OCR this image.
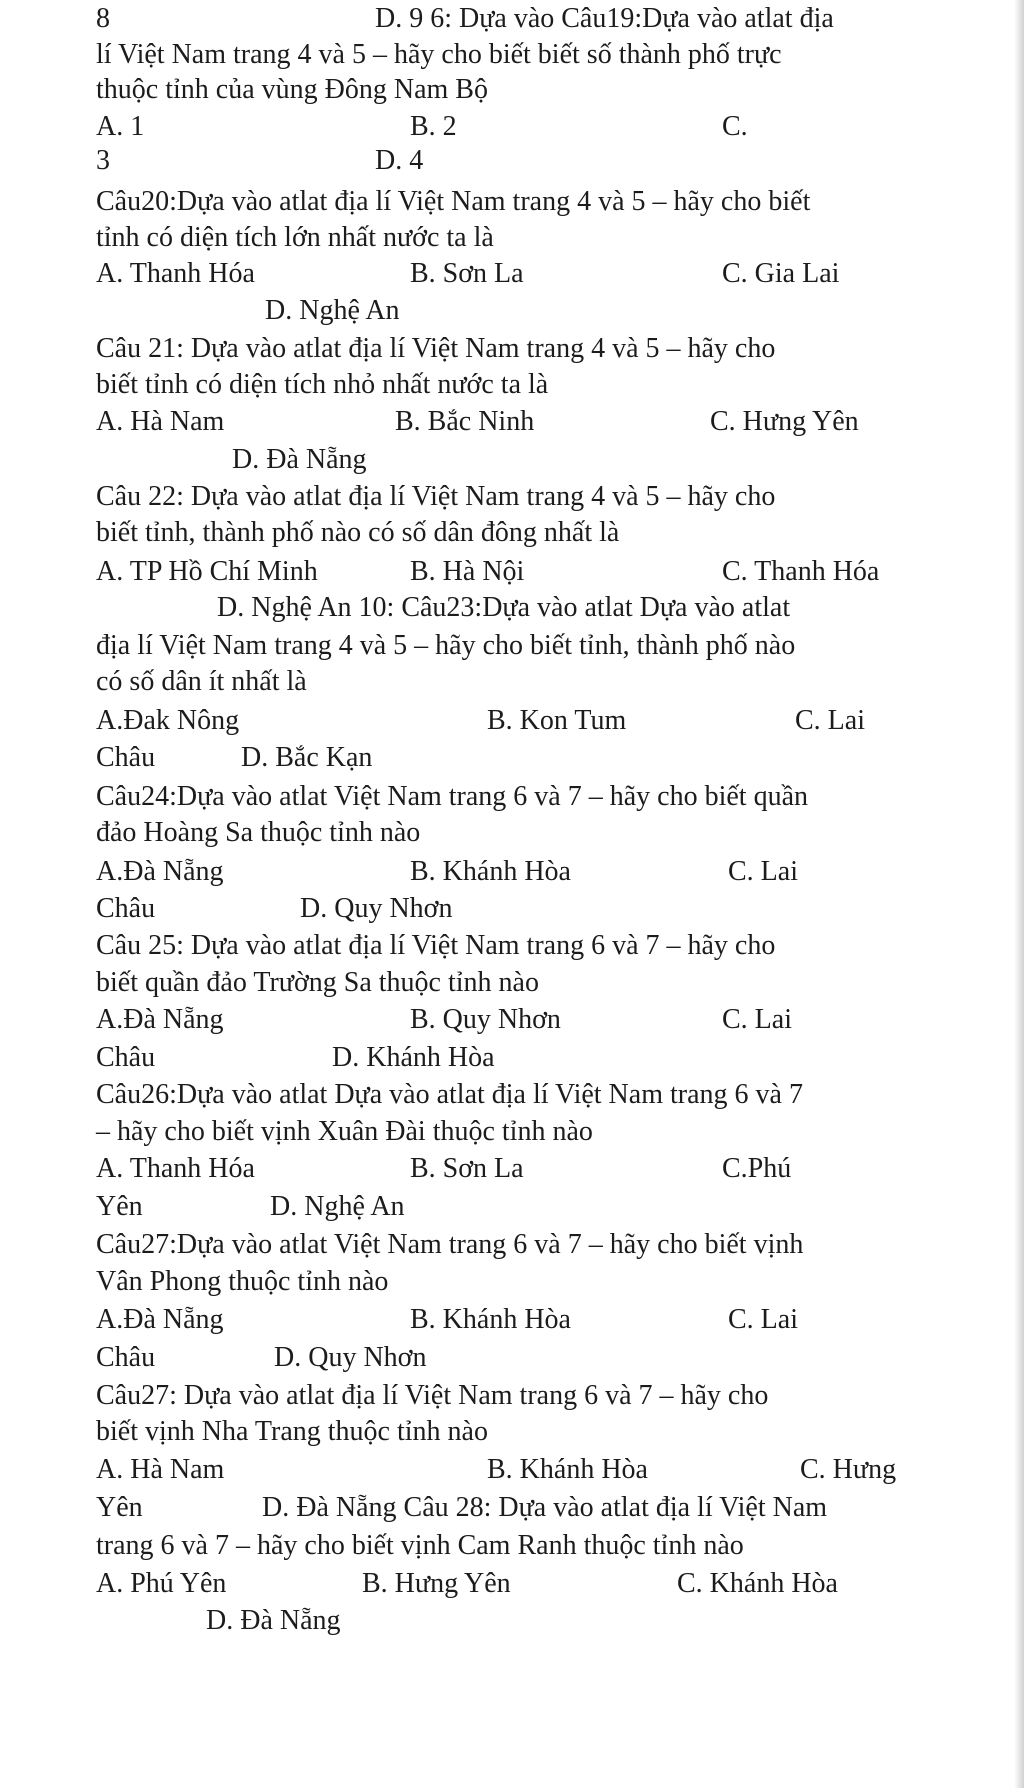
8	D. 9 6: Dựa vào Câu19:Dựa vào atlat địa
lí Việt Nam trang 4 và 5 – hãy cho biết biết số thành phố trực
thuộc tỉnh của vùng Đông Nam Bộ
A. 1	B. 2	C.
3	D. 4
Câu20:Dựa vào atlat địa lí Việt Nam trang 4 và 5 – hãy cho biết
tỉnh có diện tích lớn nhất nước ta là
A. Thanh Hóa	B. Sơn La	C. Gia Lai
D. Nghệ An
Câu 21: Dựa vào atlat địa lí Việt Nam trang 4 và 5 – hãy cho
biết tỉnh có diện tích nhỏ nhất nước ta là
A. Hà Nam	B. Bắc Ninh	C. Hưng Yên
D. Đà Nẵng
Câu 22: Dựa vào atlat địa lí Việt Nam trang 4 và 5 – hãy cho
biết tỉnh, thành phố nào có số dân đông nhất là
A. TP Hồ Chí Minh	B. Hà Nội	C. Thanh Hóa
D. Nghệ An 10: Câu23:Dựa vào atlat Dựa vào atlat
địa lí Việt Nam trang 4 và 5 – hãy cho biết tỉnh, thành phố nào
có số dân ít nhất là
A.Đak Nông	B. Kon Tum	C. Lai
Châu	D. Bắc Kạn
Câu24:Dựa vào atlat Việt Nam trang 6 và 7 – hãy cho biết quần
đảo Hoàng Sa thuộc tỉnh nào
A.Đà Nẵng	B. Khánh Hòa	C. Lai
Châu	D. Quy Nhơn
Câu 25: Dựa vào atlat địa lí Việt Nam trang 6 và 7 – hãy cho
biết quần đảo Trường Sa thuộc tỉnh nào
A.Đà Nẵng	B. Quy Nhơn	C. Lai
Châu	D. Khánh Hòa
Câu26:Dựa vào atlat Dựa vào atlat địa lí Việt Nam trang 6 và 7
– hãy cho biết vịnh Xuân Đài thuộc tỉnh nào
A. Thanh Hóa	B. Sơn La	C.Phú
Yên	D. Nghệ An
Câu27:Dựa vào atlat Việt Nam trang 6 và 7 – hãy cho biết vịnh
Vân Phong thuộc tỉnh nào
A.Đà Nẵng	B. Khánh Hòa	C. Lai
Châu	D. Quy Nhơn
Câu27: Dựa vào atlat địa lí Việt Nam trang 6 và 7 – hãy cho
biết vịnh Nha Trang thuộc tỉnh nào
A. Hà Nam	B. Khánh Hòa	C. Hưng
Yên	D. Đà Nẵng Câu 28: Dựa vào atlat địa lí Việt Nam
trang 6 và 7 – hãy cho biết vịnh Cam Ranh thuộc tỉnh nào
A. Phú Yên	B. Hưng Yên	C. Khánh Hòa
D. Đà Nẵng
